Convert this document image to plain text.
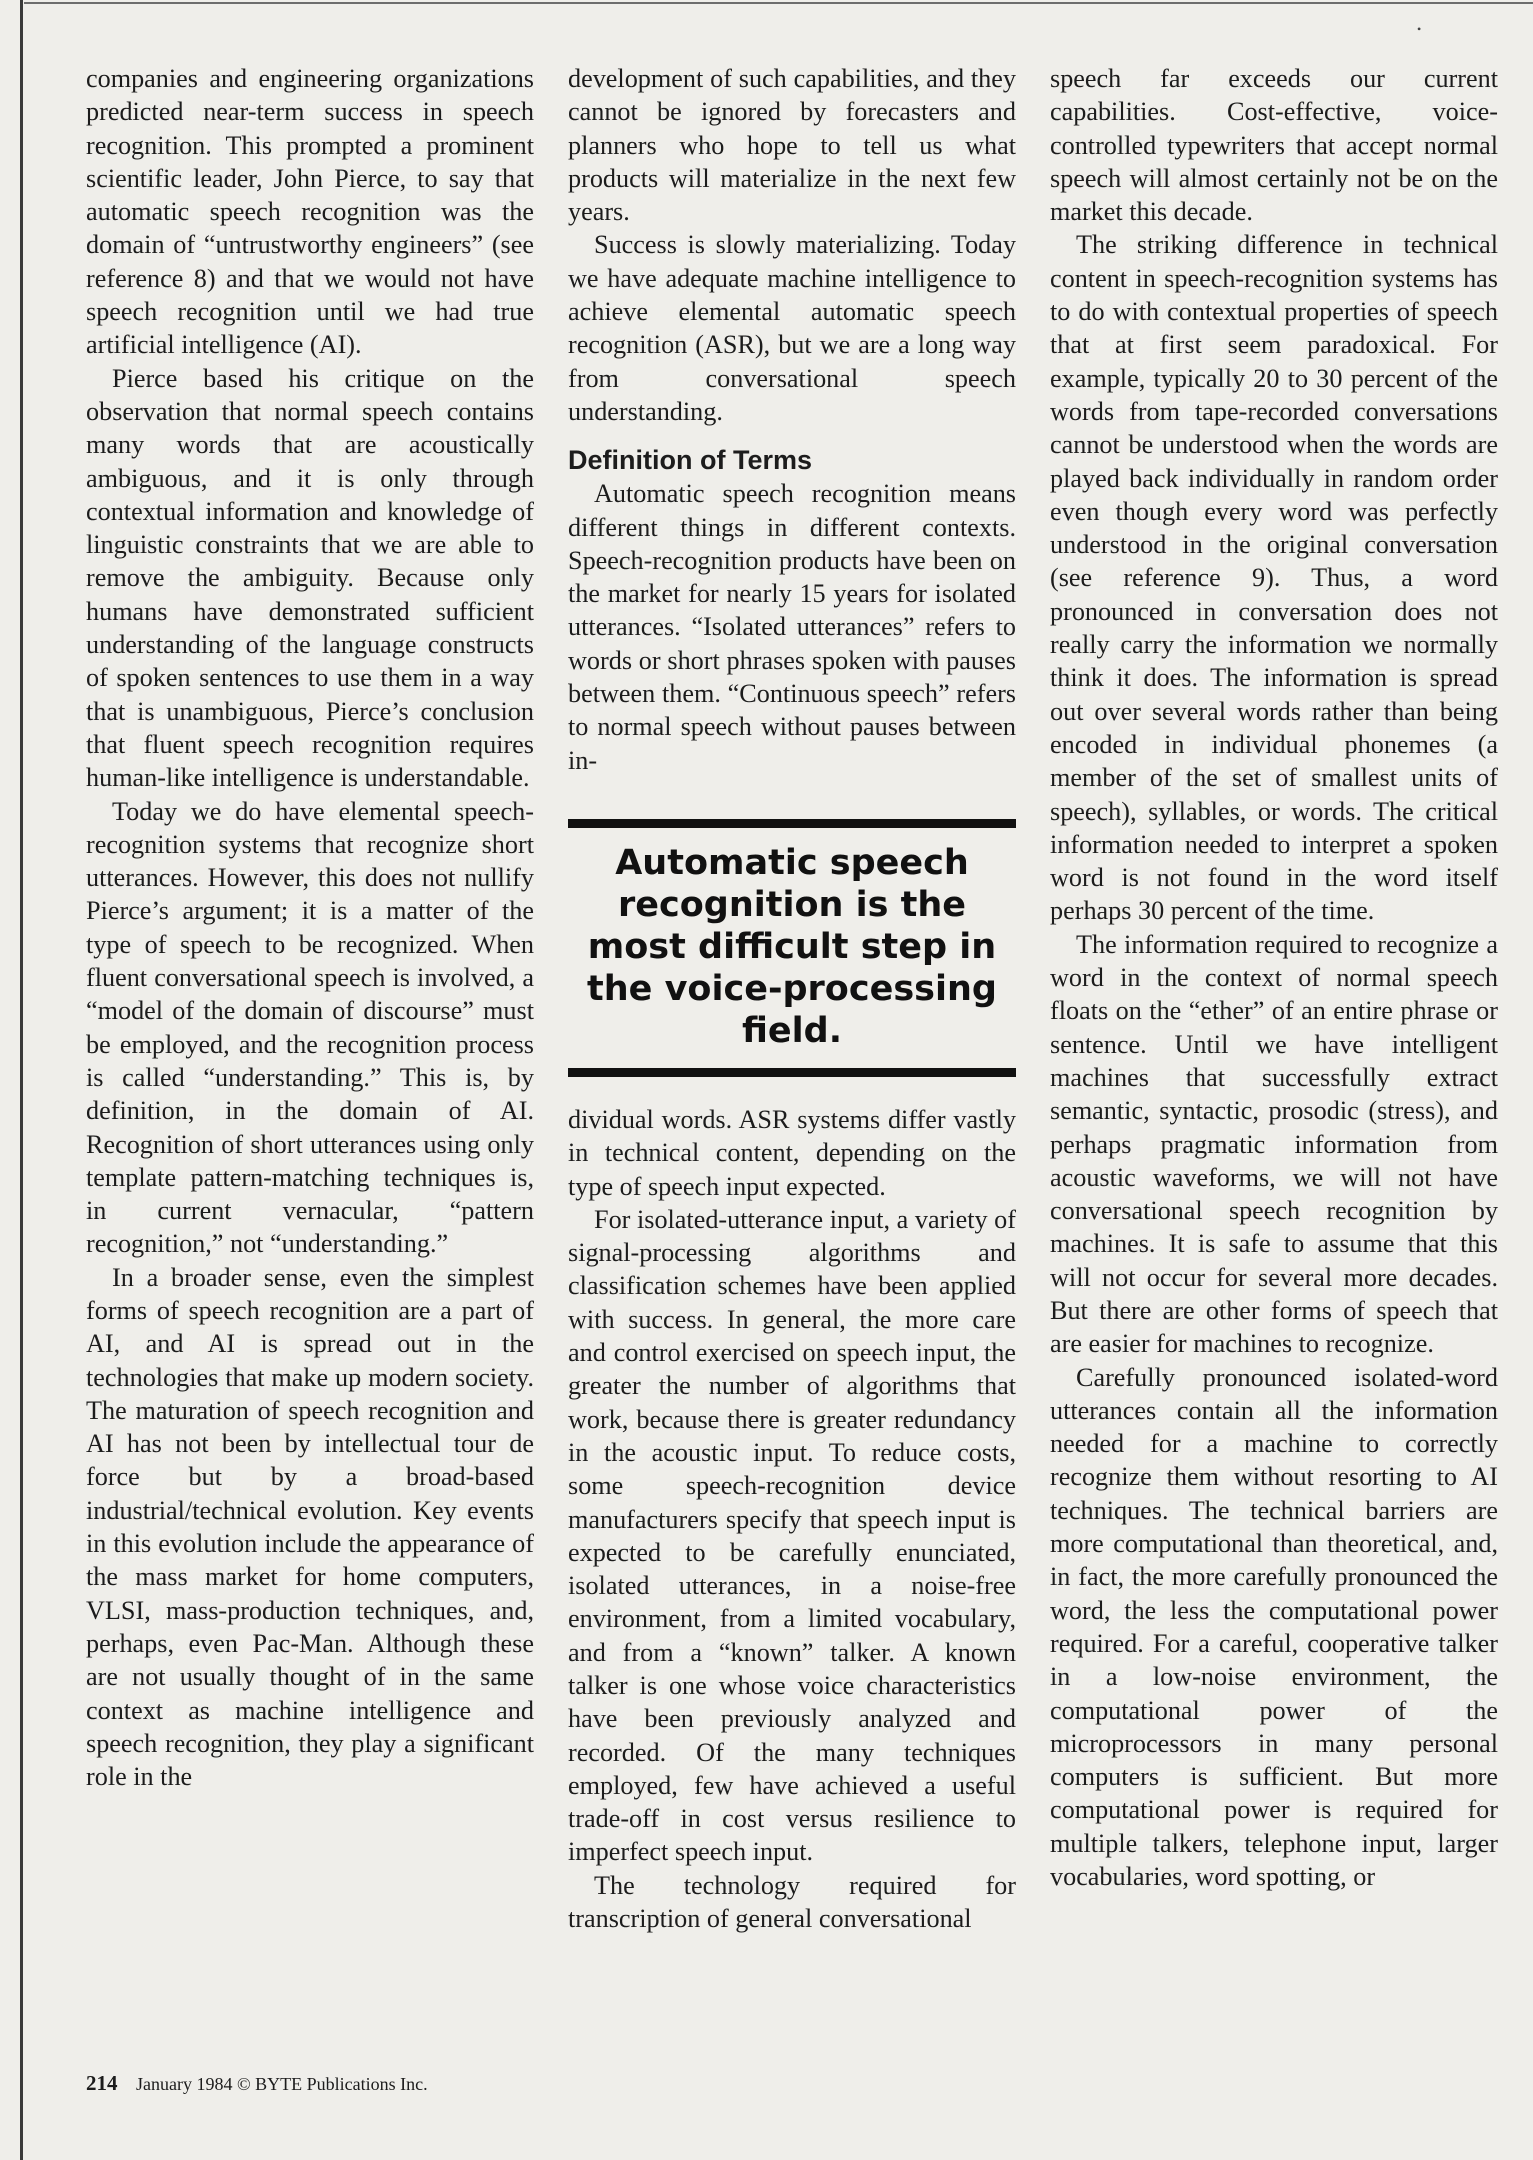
•

companies and engineering organizations predicted near-term success in speech recognition. This prompted a prominent scientific leader, John Pierce, to say that automatic speech recognition was the domain of “untrustworthy engineers” (see reference 8) and that we would not have speech recognition until we had true artificial intelligence (AI).

Pierce based his critique on the observation that normal speech contains many words that are acoustically ambiguous, and it is only through contextual information and knowledge of linguistic constraints that we are able to remove the ambiguity. Because only humans have demonstrated sufficient understanding of the language constructs of spoken sentences to use them in a way that is unambiguous, Pierce’s conclusion that fluent speech recognition requires human-like intelligence is understandable.

Today we do have elemental speech-recognition systems that recognize short utterances. However, this does not nullify Pierce’s argument; it is a matter of the type of speech to be recognized. When fluent conversational speech is involved, a “model of the domain of discourse” must be employed, and the recognition process is called “understanding.” This is, by definition, in the domain of AI. Recognition of short utterances using only template pattern-matching techniques is, in current vernacular, “pattern recognition,” not “understanding.”

In a broader sense, even the simplest forms of speech recognition are a part of AI, and AI is spread out in the technologies that make up modern society. The maturation of speech recognition and AI has not been by intellectual tour de force but by a broad-based industrial/technical evolution. Key events in this evolution include the appearance of the mass market for home computers, VLSI, mass-production techniques, and, perhaps, even Pac-Man. Although these are not usually thought of in the same context as machine intelligence and speech recognition, they play a significant role in the

development of such capabilities, and they cannot be ignored by forecasters and planners who hope to tell us what products will materialize in the next few years.

Success is slowly materializing. Today we have adequate machine intelligence to achieve elemental automatic speech recognition (ASR), but we are a long way from conversational speech understanding.

Definition of Terms

Automatic speech recognition means different things in different contexts. Speech-recognition products have been on the market for nearly 15 years for isolated utterances. “Isolated utterances” refers to words or short phrases spoken with pauses between them. “Continuous speech” refers to normal speech without pauses between in-

Automatic speech recognition is the most difficult step in the voice-processing field.

dividual words. ASR systems differ vastly in technical content, depending on the type of speech input expected.

For isolated-utterance input, a variety of signal-processing algorithms and classification schemes have been applied with success. In general, the more care and control exercised on speech input, the greater the number of algorithms that work, because there is greater redundancy in the acoustic input. To reduce costs, some speech-recognition device manufacturers specify that speech input is expected to be carefully enunciated, isolated utterances, in a noise-free environment, from a limited vocabulary, and from a “known” talker. A known talker is one whose voice characteristics have been previously analyzed and recorded. Of the many techniques employed, few have achieved a useful trade-off in cost versus resilience to imperfect speech input.

The technology required for transcription of general conversational

speech far exceeds our current capabilities. Cost-effective, voice-controlled typewriters that accept normal speech will almost certainly not be on the market this decade.

The striking difference in technical content in speech-recognition systems has to do with contextual properties of speech that at first seem paradoxical. For example, typically 20 to 30 percent of the words from tape-recorded conversations cannot be understood when the words are played back individually in random order even though every word was perfectly understood in the original conversation (see reference 9). Thus, a word pronounced in conversation does not really carry the information we normally think it does. The information is spread out over several words rather than being encoded in individual phonemes (a member of the set of smallest units of speech), syllables, or words. The critical information needed to interpret a spoken word is not found in the word itself perhaps 30 percent of the time.

The information required to recognize a word in the context of normal speech floats on the “ether” of an entire phrase or sentence. Until we have intelligent machines that successfully extract semantic, syntactic, prosodic (stress), and perhaps pragmatic information from acoustic waveforms, we will not have conversational speech recognition by machines. It is safe to assume that this will not occur for several more decades. But there are other forms of speech that are easier for machines to recognize.

Carefully pronounced isolated-word utterances contain all the information needed for a machine to correctly recognize them without resorting to AI techniques. The technical barriers are more computational than theoretical, and, in fact, the more carefully pronounced the word, the less the computational power required. For a careful, cooperative talker in a low-noise environment, the computational power of the microprocessors in many personal computers is sufficient. But more computational power is required for multiple talkers, telephone input, larger vocabularies, word spotting, or

214 January 1984 © BYTE Publications Inc.
